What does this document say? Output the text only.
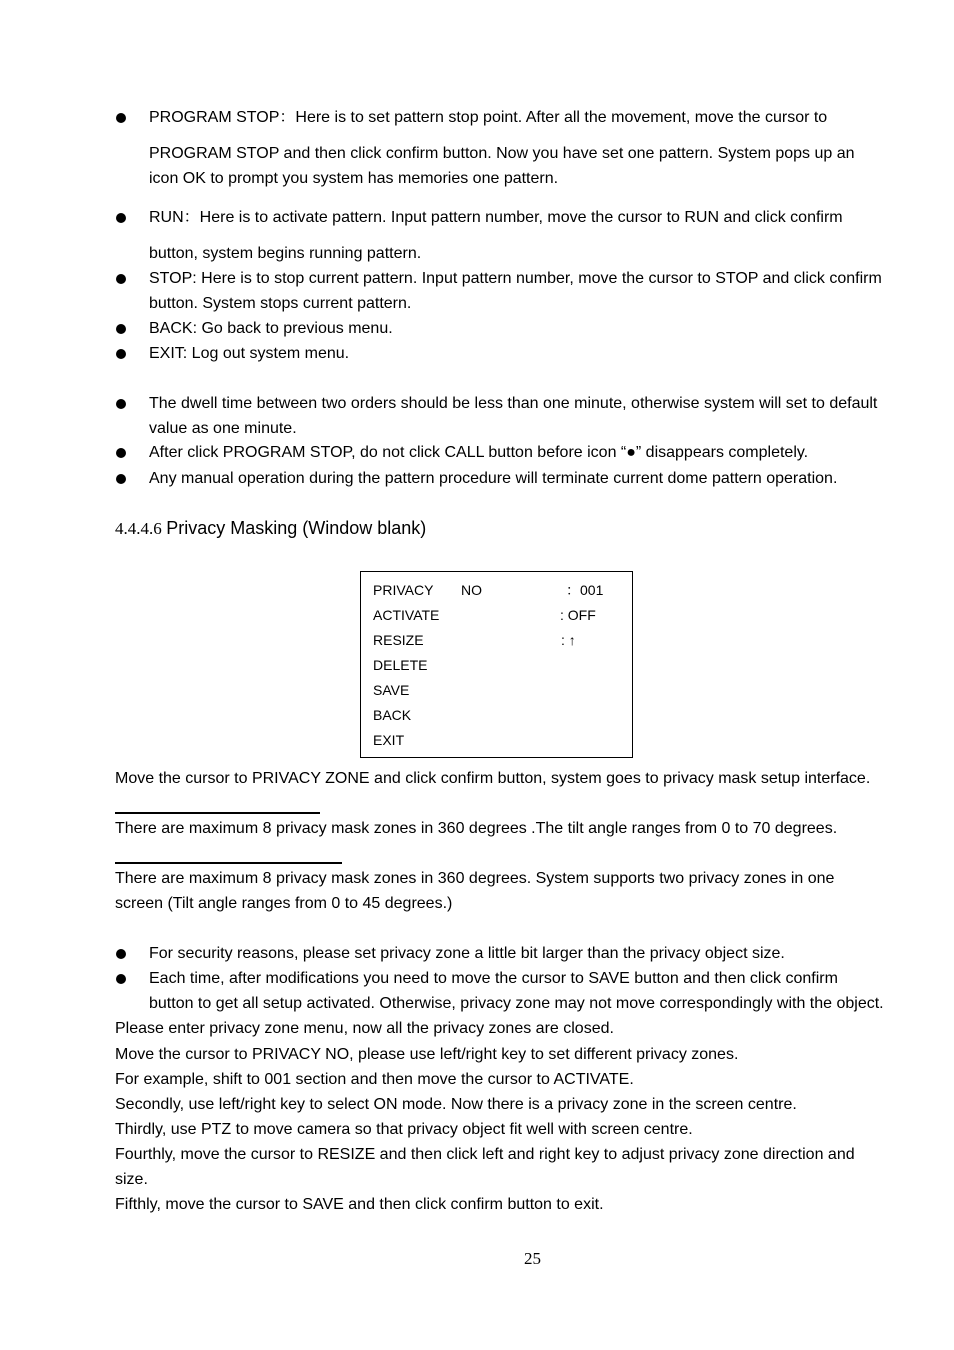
PROGRAM STOP：Here is to set pattern stop point. After all the movement, move the cursor to
PROGRAM STOP and then click confirm button. Now you have set one pattern. System pops up an
icon OK to prompt you system has memories one pattern.
RUN：Here is to activate pattern. Input pattern number, move the cursor to RUN and click confirm
button, system begins running pattern.
STOP: Here is to stop current pattern. Input pattern number, move the cursor to STOP and click confirm
button. System stops current pattern.
BACK: Go back to previous menu.
EXIT: Log out system menu.
The dwell time between two orders should be less than one minute, otherwise system will set to default
value as one minute.
After click PROGRAM STOP, do not click CALL button before icon “●” disappears completely.
Any manual operation during the pattern procedure will terminate current dome pattern operation.
4.4.4.6 Privacy Masking (Window blank)
PRIVACY NO	：001
ACTIVATE	: OFF
RESIZE	: ↑
DELETE
SAVE
BACK
EXIT
Move the cursor to PRIVACY ZONE and click confirm button, system goes to privacy mask setup interface.
There are maximum 8 privacy mask zones in 360 degrees .The tilt angle ranges from 0 to 70 degrees.
There are maximum 8 privacy mask zones in 360 degrees. System supports two privacy zones in one
screen (Tilt angle ranges from 0 to 45 degrees.)
For security reasons, please set privacy zone a little bit larger than the privacy object size.
Each time, after modifications you need to move the cursor to SAVE button and then click confirm
button to get all setup activated. Otherwise, privacy zone may not move correspondingly with the object.
Please enter privacy zone menu, now all the privacy zones are closed.
Move the cursor to PRIVACY NO, please use left/right key to set different privacy zones.
For example, shift to 001 section and then move the cursor to ACTIVATE.
Secondly, use left/right key to select ON mode. Now there is a privacy zone in the screen centre.
Thirdly, use PTZ to move camera so that privacy object fit well with screen centre.
Fourthly, move the cursor to RESIZE and then click left and right key to adjust privacy zone direction and
size.
Fifthly, move the cursor to SAVE and then click confirm button to exit.
25
